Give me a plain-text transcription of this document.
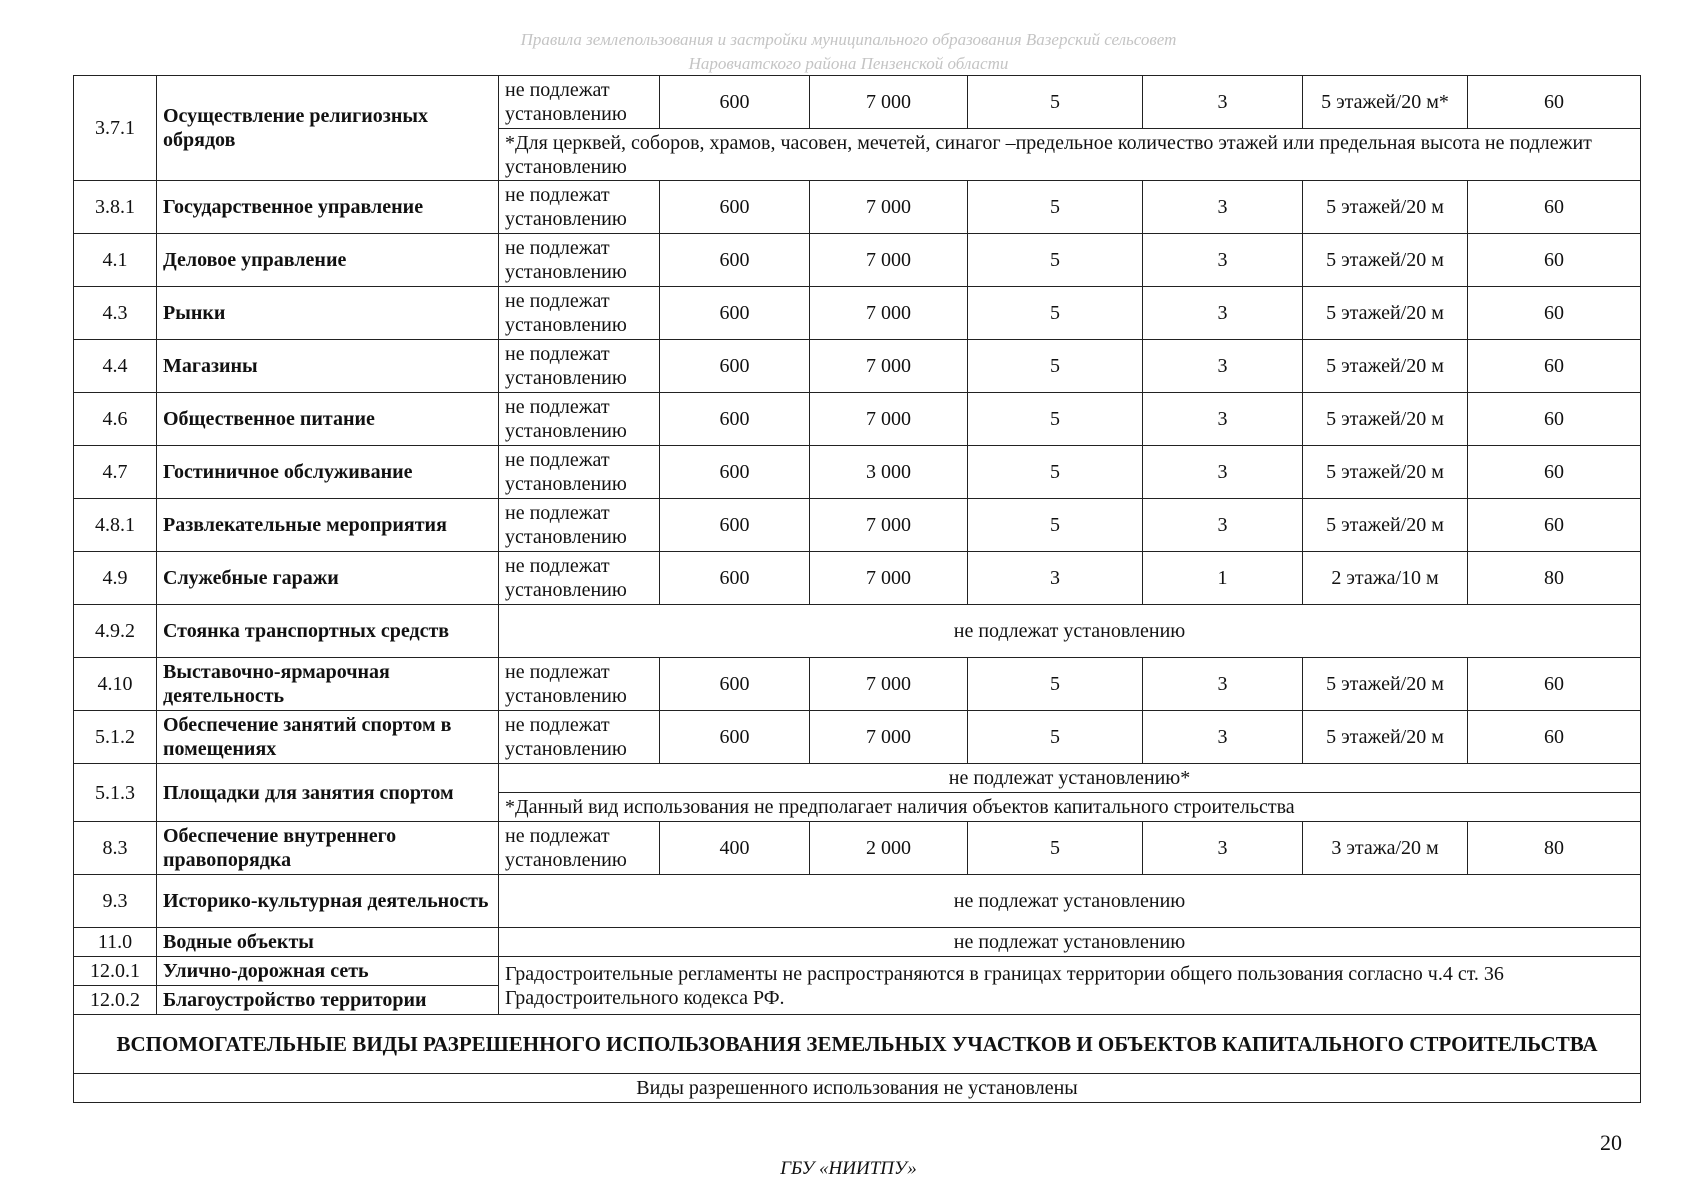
Правила землепользования и застройки муниципального образования Вазерский сельсовет
Наровчатского района Пензенской области
3.7.1	Осуществление религиозных обрядов	не подлежат установлению	600	7 000	5	3	5 этажей/20 м*	60
		*Для церквей, соборов, храмов, часовен, мечетей, синагог –предельное количество этажей или предельная высота не подлежит установлению						
3.8.1	Государственное управление	не подлежат установлению	600	7 000	5	3	5 этажей/20 м	60
4.1	Деловое управление	не подлежат установлению	600	7 000	5	3	5 этажей/20 м	60
4.3	Рынки	не подлежат установлению	600	7 000	5	3	5 этажей/20 м	60
4.4	Магазины	не подлежат установлению	600	7 000	5	3	5 этажей/20 м	60
4.6	Общественное питание	не подлежат установлению	600	7 000	5	3	5 этажей/20 м	60
4.7	Гостиничное обслуживание	не подлежат установлению	600	3 000	5	3	5 этажей/20 м	60
4.8.1	Развлекательные мероприятия	не подлежат установлению	600	7 000	5	3	5 этажей/20 м	60
4.9	Служебные гаражи	не подлежат установлению	600	7 000	3	1	2 этажа/10 м	80
4.9.2	Стоянка транспортных средств	не подлежат установлению						
4.10	Выставочно-ярмарочная деятельность	не подлежат установлению	600	7 000	5	3	5 этажей/20 м	60
5.1.2	Обеспечение занятий спортом в помещениях	не подлежат установлению	600	7 000	5	3	5 этажей/20 м	60
5.1.3	Площадки для занятия спортом	не подлежат установлению*						
		*Данный вид использования не предполагает наличия объектов капитального строительства						
8.3	Обеспечение внутреннего правопорядка	не подлежат установлению	400	2 000	5	3	3 этажа/20 м	80
9.3	Историко-культурная деятельность	не подлежат установлению						
11.0	Водные объекты	не подлежат установлению						
12.0.1	Улично-дорожная сеть	Градостроительные регламенты не распространяются в границах территории общего пользования согласно ч.4 ст. 36 Градостроительного кодекса РФ.						
12.0.2	Благоустройство территории							
ВСПОМОГАТЕЛЬНЫЕ ВИДЫ РАЗРЕШЕННОГО ИСПОЛЬЗОВАНИЯ ЗЕМЕЛЬНЫХ УЧАСТКОВ И ОБЪЕКТОВ КАПИТАЛЬНОГО СТРОИТЕЛЬСТВА								
Виды разрешенного использования не установлены								
20
ГБУ «НИИТПУ»
